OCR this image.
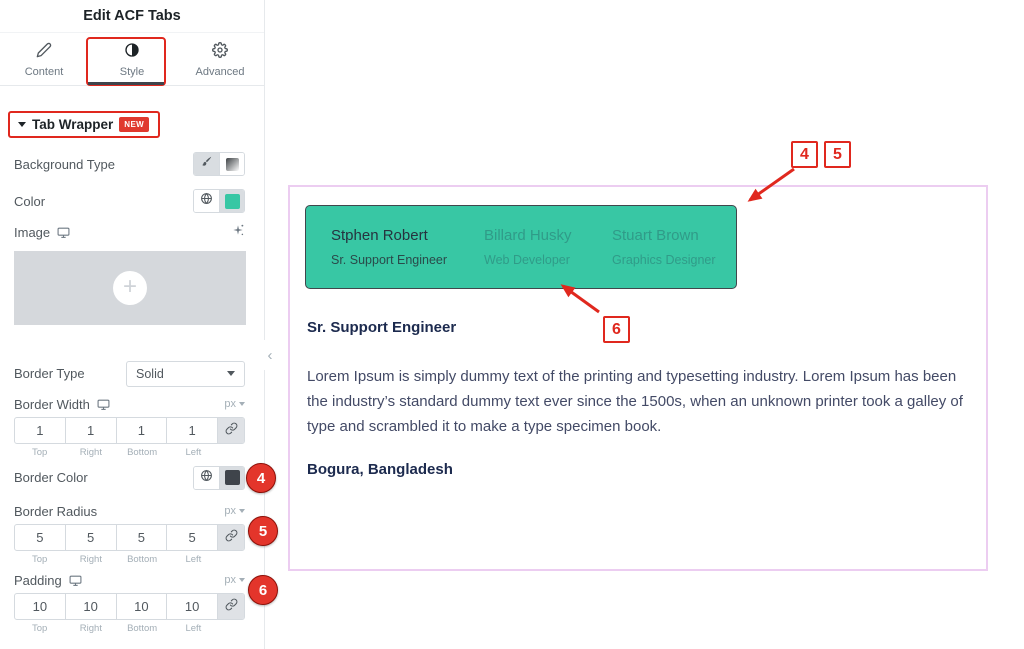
Edit ACF Tabs
Content	Style	Advanced
Tab Wrapper	NEW
Background Type
Color
Image
+
Border Type	Solid
Border Width	px
1
1
1
1
Top	Right	Bottom	Left
Border Color
Border Radius	px
5
5
5
5
Top	Right	Bottom	Left
Padding	px
10
10
10
10
Top	Right	Bottom	Left
4
5
6
‹
Stphen Robert
Sr. Support Engineer
Billard Husky
Web Developer
Stuart Brown
Graphics Designer
Sr. Support Engineer
Lorem Ipsum is simply dummy text of the printing and typesetting industry. Lorem Ipsum has been the industry’s standard dummy text ever since the 1500s, when an unknown printer took a galley of type and scrambled it to make a type specimen book.
Bogura, Bangladesh
4	5
6
